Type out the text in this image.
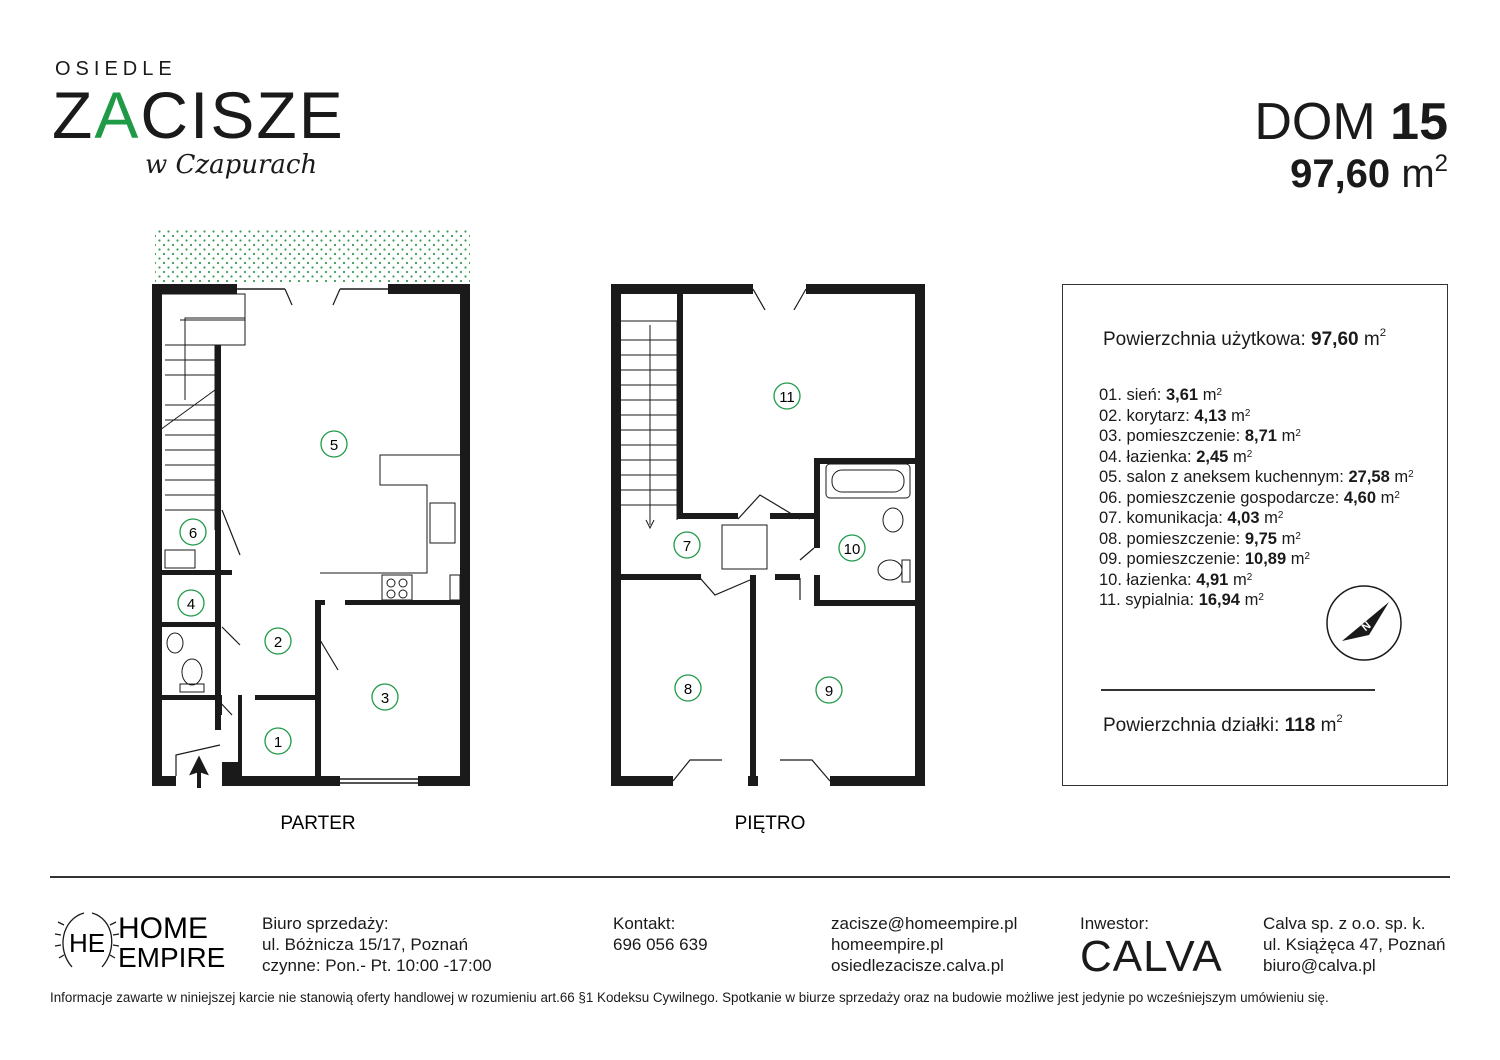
OSIEDLE
ZACISZE
w Czapurach
DOM 15
97,60 $m^2$
1
2
3
4
5
6
PARTER
7
8	9
10
11
PIĘTRO
Powierzchnia użytkowa: 97,60 $m^2$
01. sień: 3,61 $m^2$
02. korytarz: 4,13 $m^2$
03. pomieszczenie: 8,71 $m^2$
04. łazienka: 2,45 $m^2$
05. salon z aneksem kuchennym: 27,58 $m^2$
06. pomieszczenie gospodarcze: 4,60 $m^2$
07. komunikacja: 4,03 $m^2$
08. pomieszczenie: 9,75 $m^2$
09. pomieszczenie: 10,89 $m^2$
10. łazienka: 4,91 $m^2$
11. sypialnia: 16,94 $m^2$
N
Powierzchnia działki: 118 $m^2$
HE HOME
EMPIRE
Biuro sprzedaży:
ul. Bóżnicza 15/17, Poznań
czynne: Pon.- Pt. 10:00 -17:00
Kontakt:
696 056 639
zacisze@homeempire.pl
homeempire.pl
osiedlezacisze.calva.pl
Inwestor:
CALVA
Calva sp. z o.o. sp. k.
ul. Książęca 47, Poznań
biuro@calva.pl
Informacje zawarte w niniejszej karcie nie stanowią oferty handlowej w rozumieniu art.66 §1 Kodeksu Cywilnego. Spotkanie w biurze sprzedaży oraz na budowie możliwe jest jedynie po wcześniejszym umówieniu się.
